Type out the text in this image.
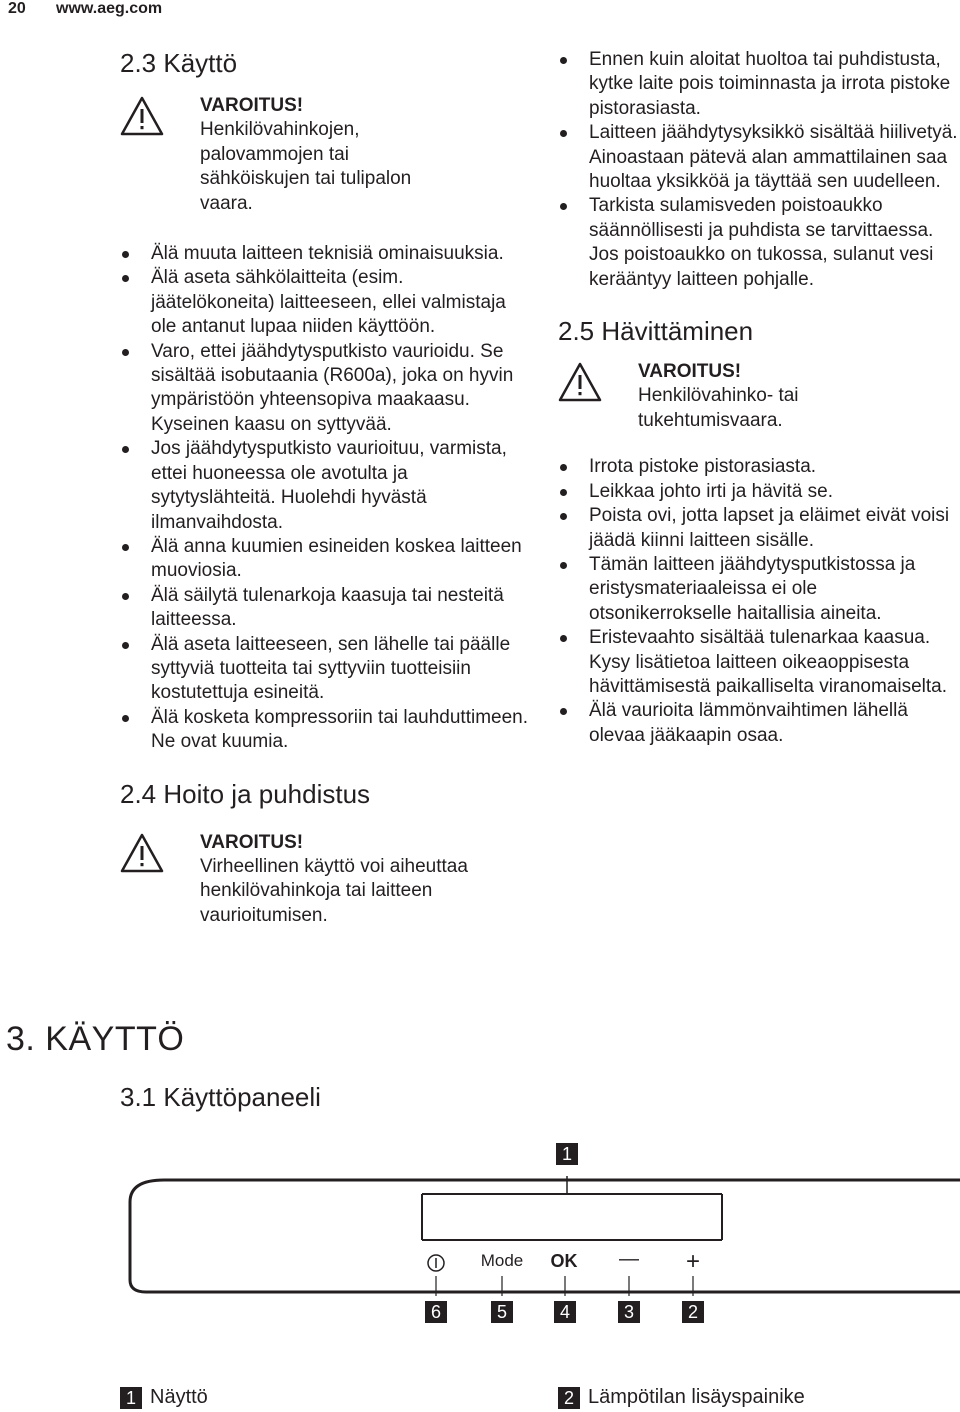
20 www.aeg.com
2.3 Käyttö
VAROITUS!
Henkilövahinkojen, palovammojen tai sähköiskujen tai tulipalon vaara.
Älä muuta laitteen teknisiä ominaisuuksia.
Älä aseta sähkölaitteita (esim. jäätelökoneita) laitteeseen, ellei valmistaja ole antanut lupaa niiden käyttöön.
Varo, ettei jäähdytysputkisto vaurioidu. Se sisältää isobutaania (R600a), joka on hyvin ympäristöön yhteensopiva maakaasu. Kyseinen kaasu on syttyvää.
Jos jäähdytysputkisto vaurioituu, varmista, ettei huoneessa ole avotulta ja sytytyslähteitä. Huolehdi hyvästä ilmanvaihdosta.
Älä anna kuumien esineiden koskea laitteen muoviosia.
Älä säilytä tulenarkoja kaasuja tai nesteitä laitteessa.
Älä aseta laitteeseen, sen lähelle tai päälle syttyviä tuotteita tai syttyviin tuotteisiin kostutettuja esineitä.
Älä kosketa kompressoriin tai lauhduttimeen. Ne ovat kuumia.
2.4 Hoito ja puhdistus
VAROITUS!
Virheellinen käyttö voi aiheuttaa henkilövahinkoja tai laitteen vaurioitumisen.
Ennen kuin aloitat huoltoa tai puhdistusta, kytke laite pois toiminnasta ja irrota pistoke pistorasiasta.
Laitteen jäähdytysyksikkö sisältää hiilivetyä. Ainoastaan pätevä alan ammattilainen saa huoltaa yksikköä ja täyttää sen uudelleen.
Tarkista sulamisveden poistoaukko säännöllisesti ja puhdista se tarvittaessa. Jos poistoaukko on tukossa, sulanut vesi kerääntyy laitteen pohjalle.
2.5 Hävittäminen
VAROITUS!
Henkilövahinko- tai tukehtumisvaara.
Irrota pistoke pistorasiasta.
Leikkaa johto irti ja hävitä se.
Poista ovi, jotta lapset ja eläimet eivät voisi jäädä kiinni laitteen sisälle.
Tämän laitteen jäähdytysputkistossa ja eristysmateriaaleissa ei ole otsonikerrokselle haitallisia aineita.
Eristevaahto sisältää tulenarkaa kaasua. Kysy lisätietoa laitteen oikeaoppisesta hävittämisestä paikalliselta viranomaiselta.
Älä vaurioita lämmönvaihtimen lähellä olevaa jääkaapin osaa.
3. KÄYTTÖ
3.1 Käyttöpaneeli
1
Mode	OK	—	+
6	5	4	3	2
1 Näyttö	2 Lämpötilan lisäyspainike
